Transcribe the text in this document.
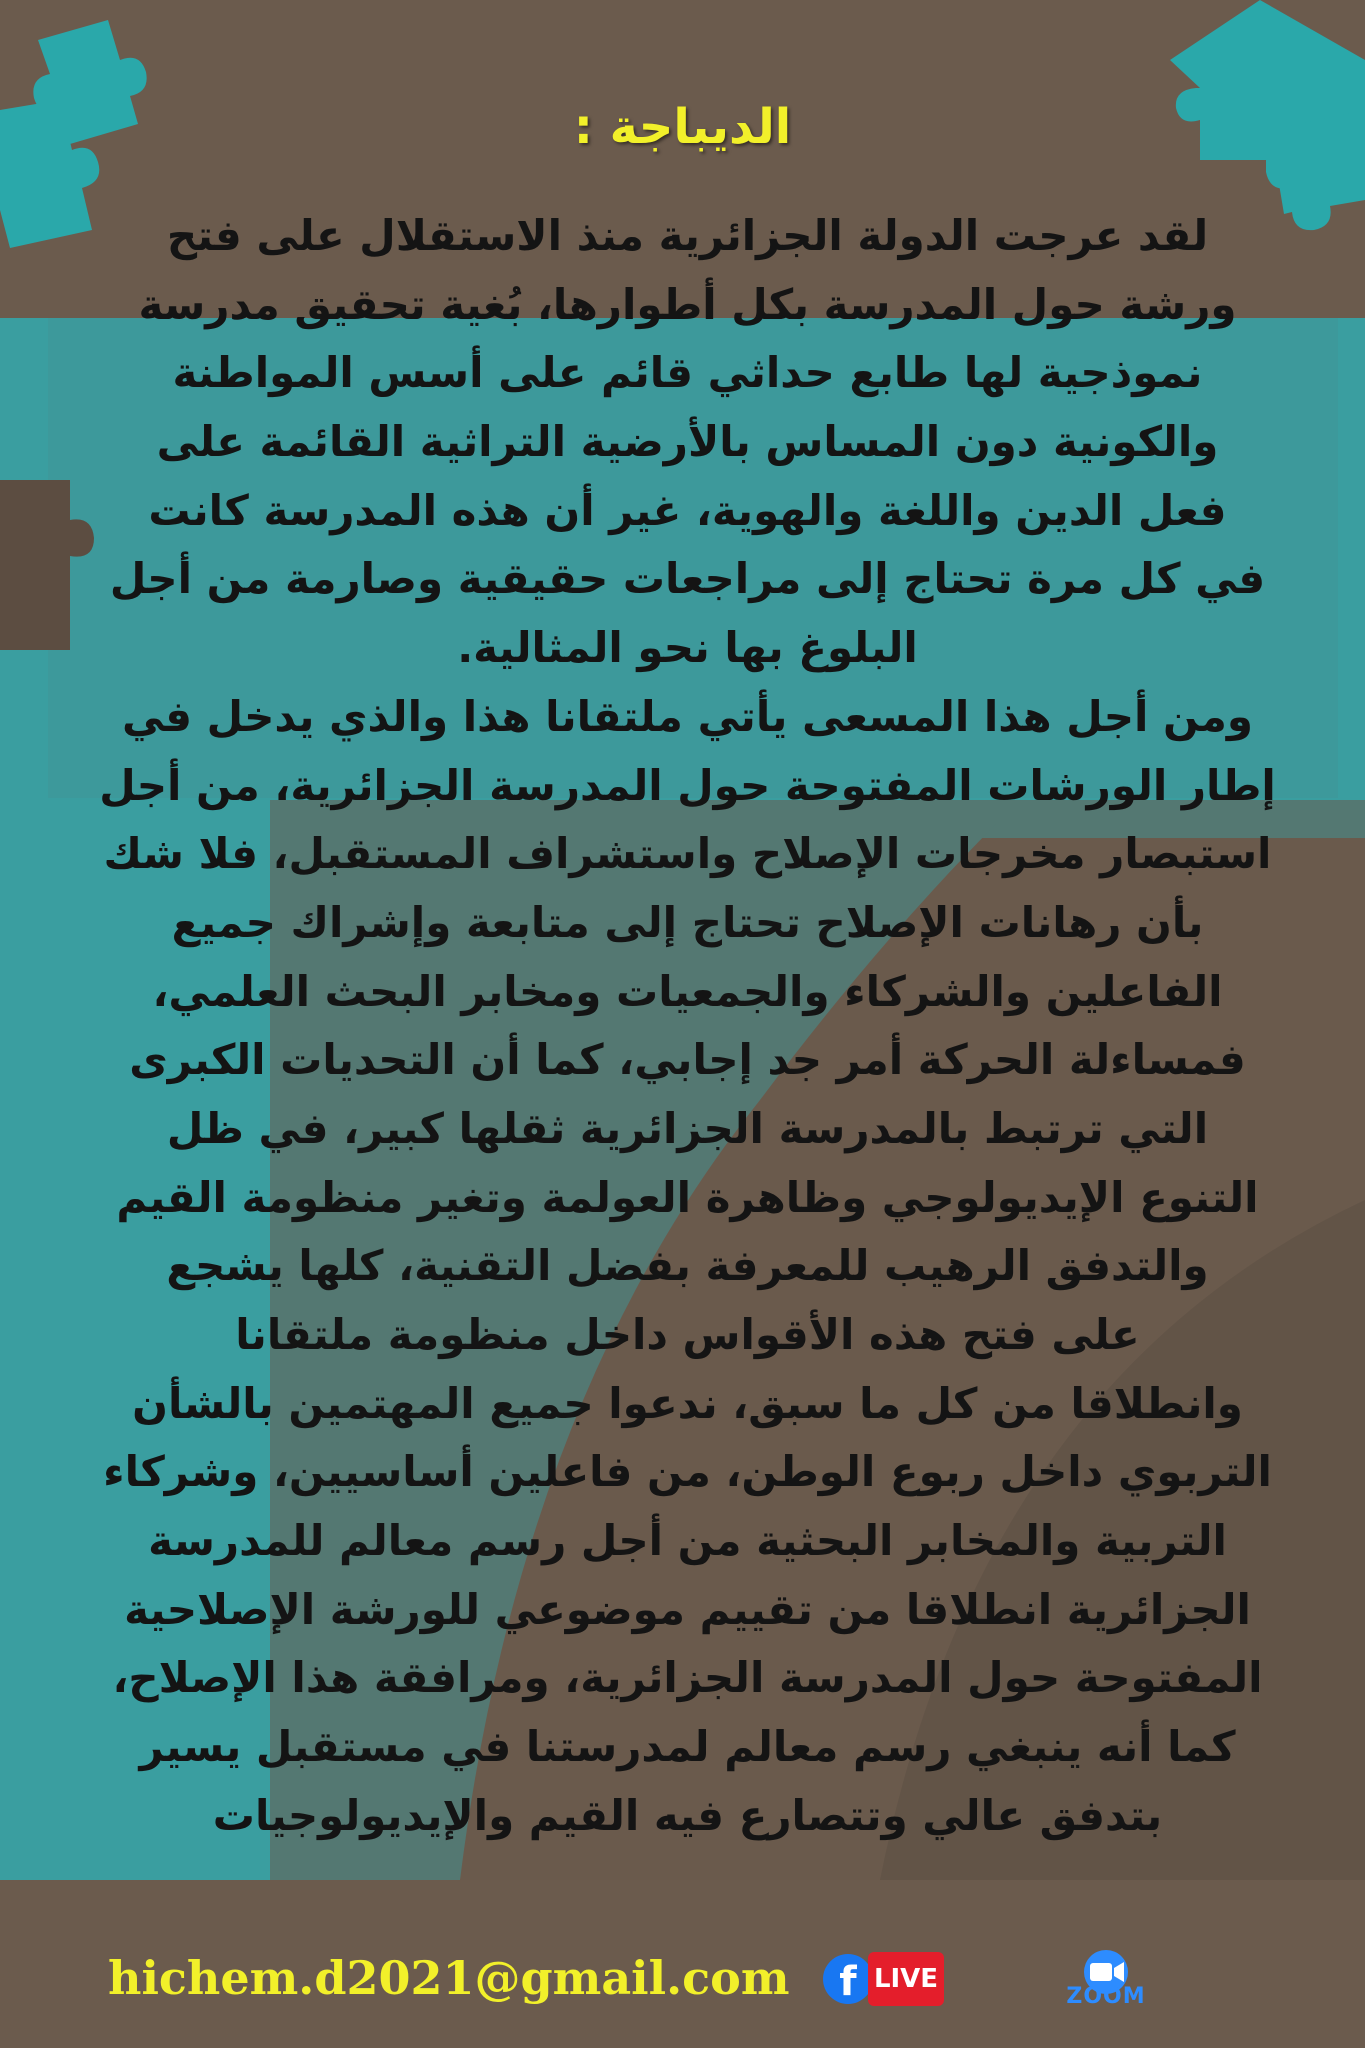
الديباجة :
لقد عرجت الدولة الجزائرية منذ الاستقلال على فتح
ورشة حول المدرسة بكل أطوارها، بُغية تحقيق مدرسة
نموذجية لها طابع حداثي قائم على أسس المواطنة
والكونية دون المساس بالأرضية التراثية القائمة على
فعل الدين واللغة والهوية، غير أن هذه المدرسة كانت
في كل مرة تحتاج إلى مراجعات حقيقية وصارمة من أجل
البلوغ بها نحو المثالية.
ومن أجل هذا المسعى يأتي ملتقانا هذا والذي يدخل في
إطار الورشات المفتوحة حول المدرسة الجزائرية، من أجل
استبصار مخرجات الإصلاح واستشراف المستقبل، فلا شك
بأن رهانات الإصلاح تحتاج إلى متابعة وإشراك جميع
الفاعلين والشركاء والجمعيات ومخابر البحث العلمي،
فمساءلة الحركة أمر جد إجابي، كما أن التحديات الكبرى
التي ترتبط بالمدرسة الجزائرية ثقلها كبير، في ظل
التنوع الإيديولوجي وظاهرة العولمة وتغير منظومة القيم
والتدفق الرهيب للمعرفة بفضل التقنية، كلها يشجع
على فتح هذه الأقواس داخل منظومة ملتقانا
وانطلاقا من كل ما سبق، ندعوا جميع المهتمين بالشأن
التربوي داخل ربوع الوطن، من فاعلين أساسيين، وشركاء
التربية والمخابر البحثية من أجل رسم معالم للمدرسة
الجزائرية انطلاقا من تقييم موضوعي للورشة الإصلاحية
المفتوحة حول المدرسة الجزائرية، ومرافقة هذا الإصلاح،
كما أنه ينبغي رسم معالم لمدرستنا في مستقبل يسير
بتدفق عالي وتتصارع فيه القيم والإيديولوجيات
hichem.d2021@gmail.com	f LIVE
ZOOM
